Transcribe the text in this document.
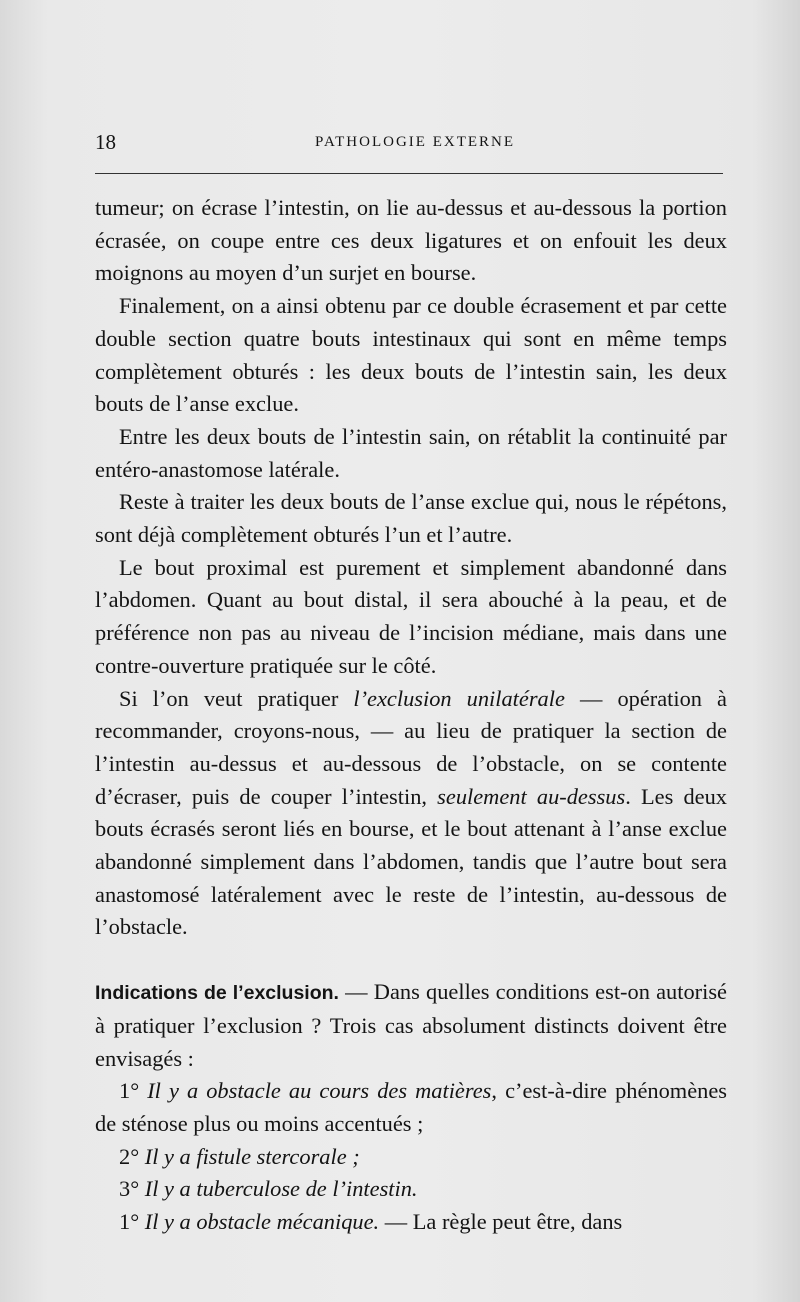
18	PATHOLOGIE EXTERNE

tumeur; on écrase l’intestin, on lie au-dessus et au-dessous la portion écrasée, on coupe entre ces deux ligatures et on enfouit les deux moignons au moyen d’un surjet en bourse.

Finalement, on a ainsi obtenu par ce double écrasement et par cette double section quatre bouts intestinaux qui sont en même temps complètement obturés : les deux bouts de l’intestin sain, les deux bouts de l’anse exclue.

Entre les deux bouts de l’intestin sain, on rétablit la continuité par entéro-anastomose latérale.

Reste à traiter les deux bouts de l’anse exclue qui, nous le répétons, sont déjà complètement obturés l’un et l’autre.

Le bout proximal est purement et simplement abandonné dans l’abdomen. Quant au bout distal, il sera abouché à la peau, et de préférence non pas au niveau de l’incision médiane, mais dans une contre-ouverture pratiquée sur le côté.

Si l’on veut pratiquer l’exclusion unilatérale — opération à recommander, croyons-nous, — au lieu de pratiquer la section de l’intestin au-dessus et au-dessous de l’obstacle, on se contente d’écraser, puis de couper l’intestin, seulement au-dessus. Les deux bouts écrasés seront liés en bourse, et le bout attenant à l’anse exclue abandonné simplement dans l’abdomen, tandis que l’autre bout sera anastomosé latéralement avec le reste de l’intestin, au-dessous de l’obstacle.

Indications de l’exclusion. — Dans quelles conditions est-on autorisé à pratiquer l’exclusion ? Trois cas absolument distincts doivent être envisagés :

1° Il y a obstacle au cours des matières, c’est-à-dire phénomènes de sténose plus ou moins accentués ;

2° Il y a fistule stercorale ;

3° Il y a tuberculose de l’intestin.

1° Il y a obstacle mécanique. — La règle peut être, dans
